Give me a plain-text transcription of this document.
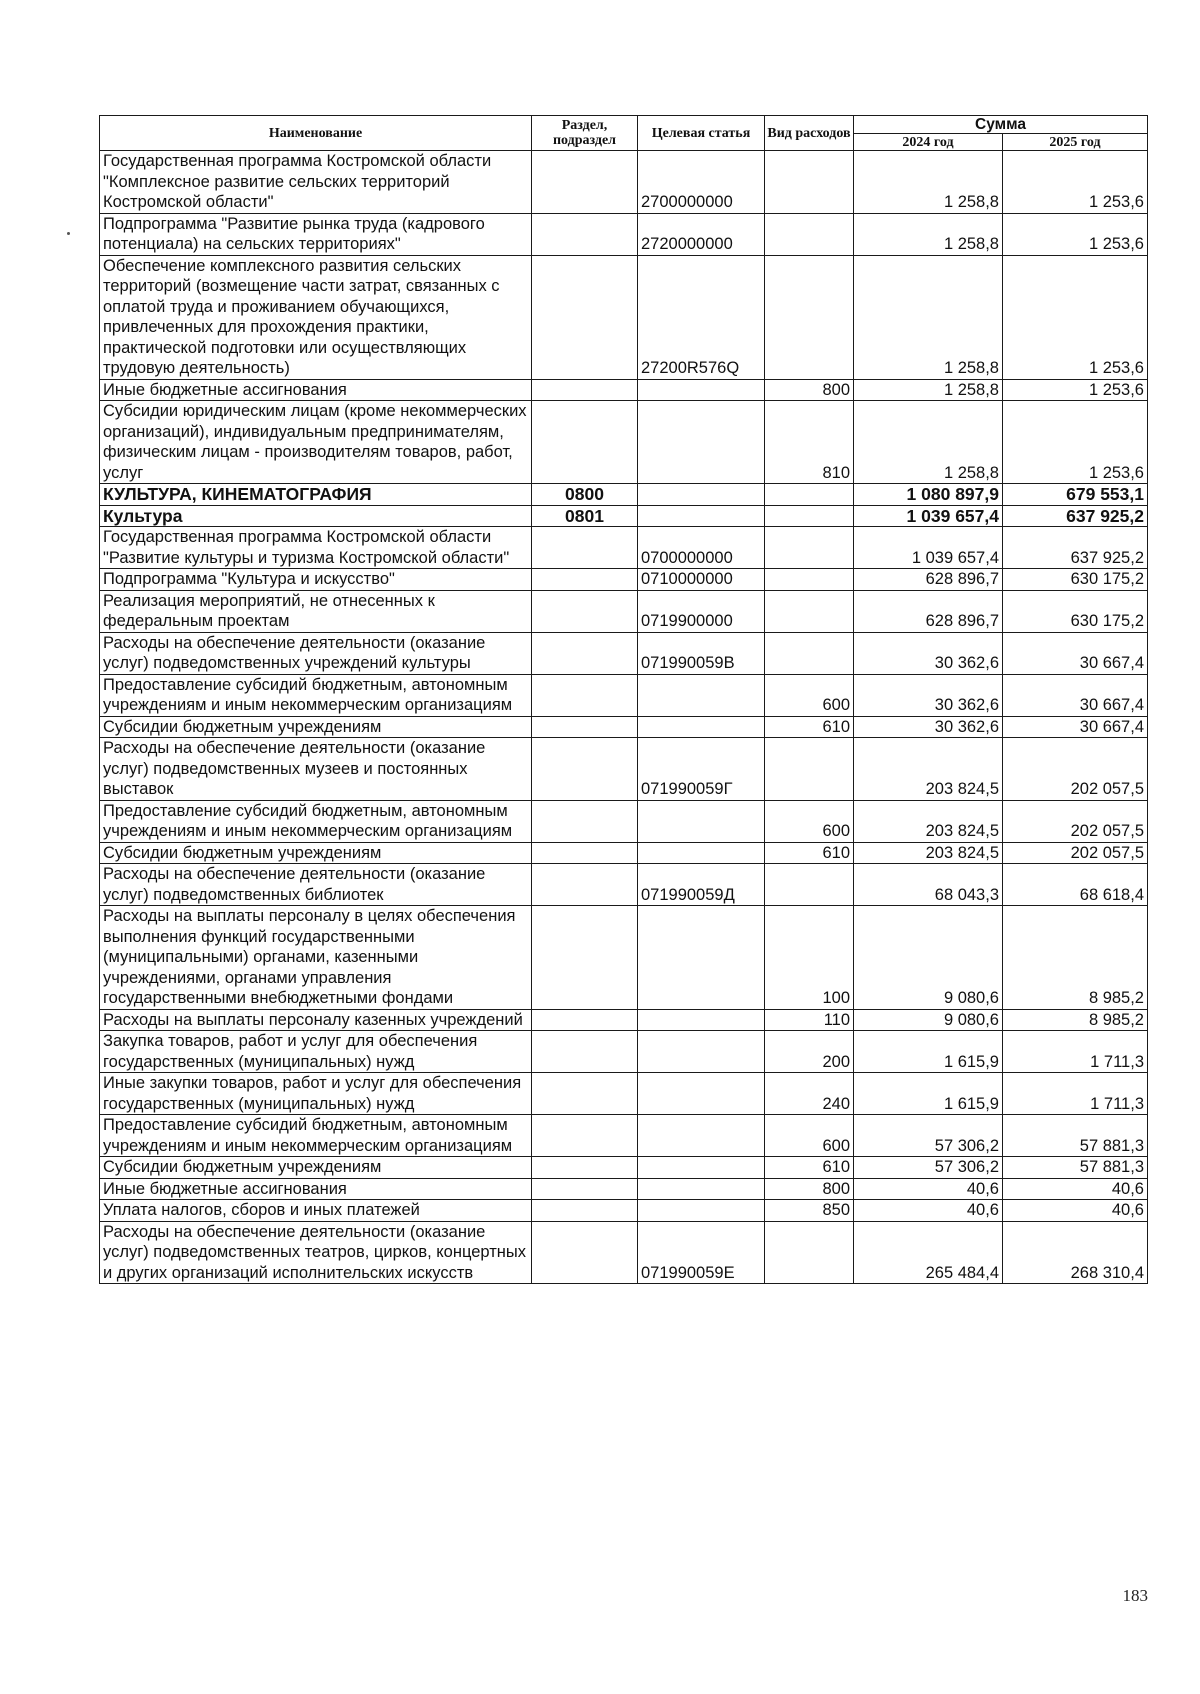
Наименование	Раздел, подраздел	Целевая статья	Вид расходов	Сумма	
				2024 год	2025 год
Государственная программа Костромской области "Комплексное развитие сельских территорий Костромской области"		2700000000		1 258,8	1 253,6
Подпрограмма "Развитие рынка труда (кадрового потенциала) на сельских территориях"		2720000000		1 258,8	1 253,6
Обеспечение комплексного развития сельских территорий (возмещение части затрат, связанных с оплатой труда и проживанием обучающихся, привлеченных для прохождения практики, практической подготовки или осуществляющих трудовую деятельность)		27200R576Q		1 258,8	1 253,6
Иные бюджетные ассигнования			800	1 258,8	1 253,6
Субсидии юридическим лицам (кроме некоммерческих организаций), индивидуальным предпринимателям, физическим лицам - производителям товаров, работ, услуг			810	1 258,8	1 253,6
КУЛЬТУРА, КИНЕМАТОГРАФИЯ	0800			1 080 897,9	679 553,1
Культура	0801			1 039 657,4	637 925,2
Государственная программа Костромской области "Развитие культуры и туризма Костромской области"		0700000000		1 039 657,4	637 925,2
Подпрограмма "Культура и искусство"		0710000000		628 896,7	630 175,2
Реализация мероприятий, не отнесенных к федеральным проектам		0719900000		628 896,7	630 175,2
Расходы на обеспечение деятельности (оказание услуг) подведомственных учреждений культуры		071990059В		30 362,6	30 667,4
Предоставление субсидий бюджетным, автономным учреждениям и иным некоммерческим организациям			600	30 362,6	30 667,4
Субсидии бюджетным учреждениям			610	30 362,6	30 667,4
Расходы на обеспечение деятельности (оказание услуг) подведомственных музеев и постоянных выставок		071990059Г		203 824,5	202 057,5
Предоставление субсидий бюджетным, автономным учреждениям и иным некоммерческим организациям			600	203 824,5	202 057,5
Субсидии бюджетным учреждениям			610	203 824,5	202 057,5
Расходы на обеспечение деятельности (оказание услуг) подведомственных библиотек		071990059Д		68 043,3	68 618,4
Расходы на выплаты персоналу в целях обеспечения выполнения функций государственными (муниципальными) органами, казенными учреждениями, органами управления государственными внебюджетными фондами			100	9 080,6	8 985,2
Расходы на выплаты персоналу казенных учреждений			110	9 080,6	8 985,2
Закупка товаров, работ и услуг для обеспечения государственных (муниципальных) нужд			200	1 615,9	1 711,3
Иные закупки товаров, работ и услуг для обеспечения государственных (муниципальных) нужд			240	1 615,9	1 711,3
Предоставление субсидий бюджетным, автономным учреждениям и иным некоммерческим организациям			600	57 306,2	57 881,3
Субсидии бюджетным учреждениям			610	57 306,2	57 881,3
Иные бюджетные ассигнования			800	40,6	40,6
Уплата налогов, сборов и иных платежей			850	40,6	40,6
Расходы на обеспечение деятельности (оказание услуг) подведомственных театров, цирков, концертных и других организаций исполнительских искусств		071990059Е		265 484,4	268 310,4
183
